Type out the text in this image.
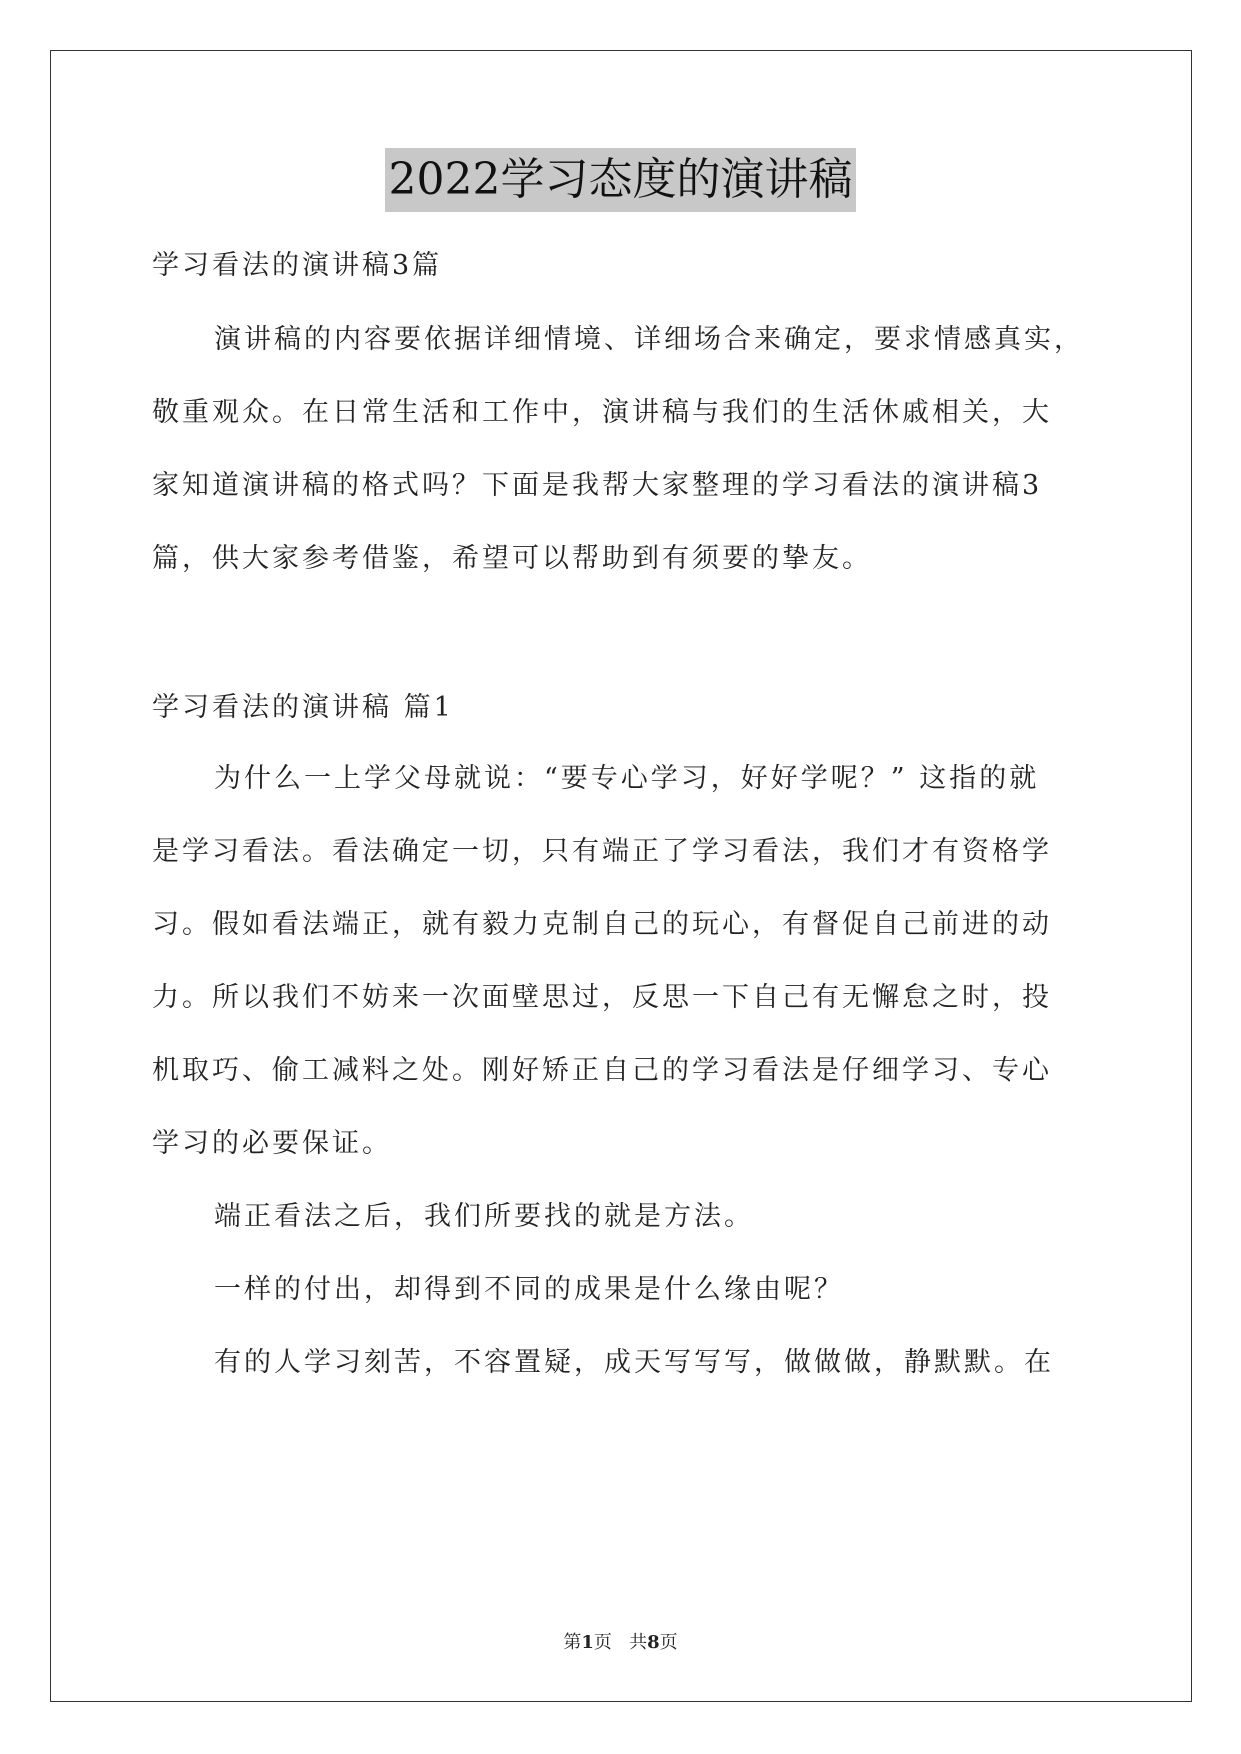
2022学习态度的演讲稿
学习看法的演讲稿3篇
演讲稿的内容要依据详细情境、详细场合来确定，要求情感真实，
敬重观众。在日常生活和工作中，演讲稿与我们的生活休戚相关，大
家知道演讲稿的格式吗？下面是我帮大家整理的学习看法的演讲稿3
篇，供大家参考借鉴，希望可以帮助到有须要的挚友。
学习看法的演讲稿 篇1
为什么一上学父母就说：“要专心学习，好好学呢？” 这指的就
是学习看法。看法确定一切，只有端正了学习看法，我们才有资格学
习。假如看法端正，就有毅力克制自己的玩心，有督促自己前进的动
力。所以我们不妨来一次面壁思过，反思一下自己有无懈怠之时，投
机取巧、偷工减料之处。刚好矫正自己的学习看法是仔细学习、专心
学习的必要保证。
端正看法之后，我们所要找的就是方法。
一样的付出，却得到不同的成果是什么缘由呢？
有的人学习刻苦，不容置疑，成天写写写，做做做，静默默。在
第1页   共8页
